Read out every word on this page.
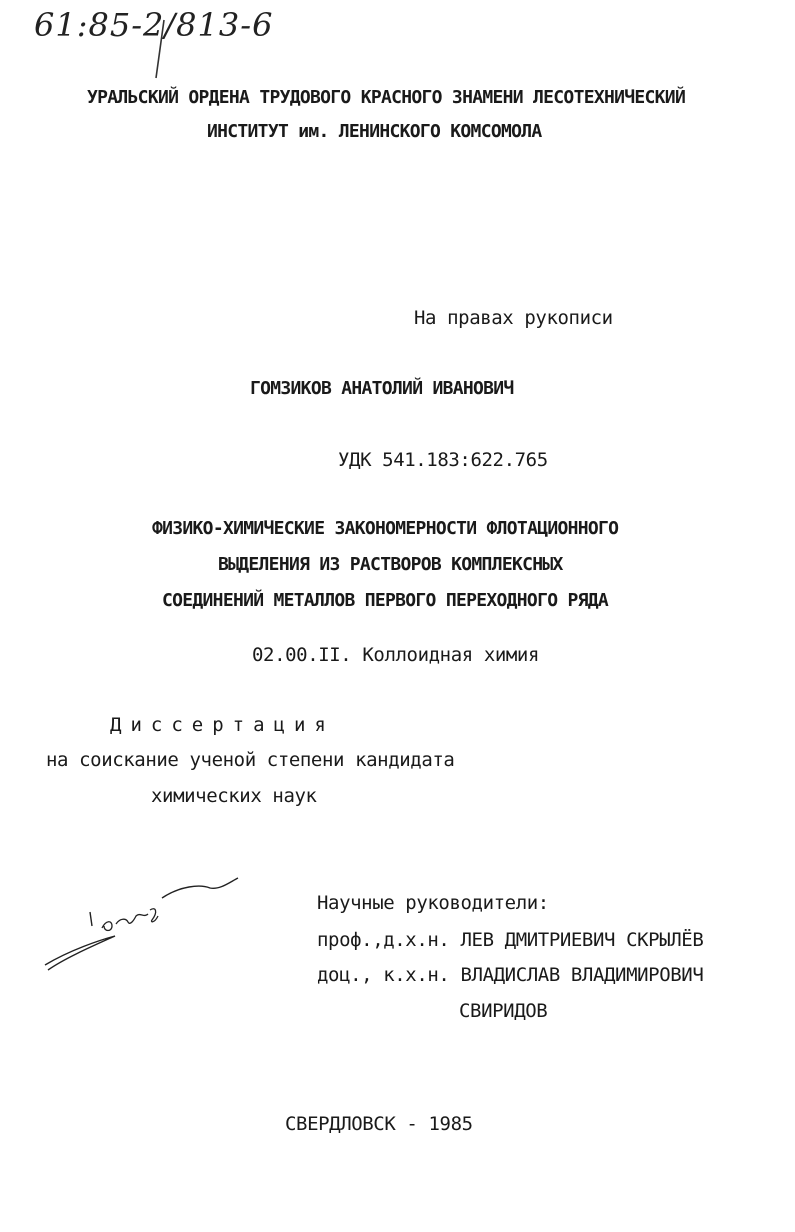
61:85-2/813-6
УРАЛЬСКИЙ ОРДЕНА ТРУДОВОГО КРАСНОГО ЗНАМЕНИ ЛЕСОТЕХНИЧЕСКИЙ
ИНСТИТУТ им. ЛЕНИНСКОГО КОМСОМОЛА
На правах рукописи
ГОМЗИКОВ АНАТОЛИЙ ИВАНОВИЧ
УДК 541.183:622.765
ФИЗИКО-ХИМИЧЕСКИЕ ЗАКОНОМЕРНОСТИ ФЛОТАЦИОННОГО
ВЫДЕЛЕНИЯ ИЗ РАСТВОРОВ КОМПЛЕКСНЫХ
СОЕДИНЕНИЙ МЕТАЛЛОВ ПЕРВОГО ПЕРЕХОДНОГО РЯДА
02.00.II. Коллоидная химия
Диссертация
на соискание ученой степени кандидата
химических наук
Научные руководители:
проф.,д.х.н. ЛЕВ ДМИТРИЕВИЧ СКРЫЛЁВ
доц., к.х.н. ВЛАДИСЛАВ ВЛАДИМИРОВИЧ
СВИРИДОВ
СВЕРДЛОВСК - 1985
